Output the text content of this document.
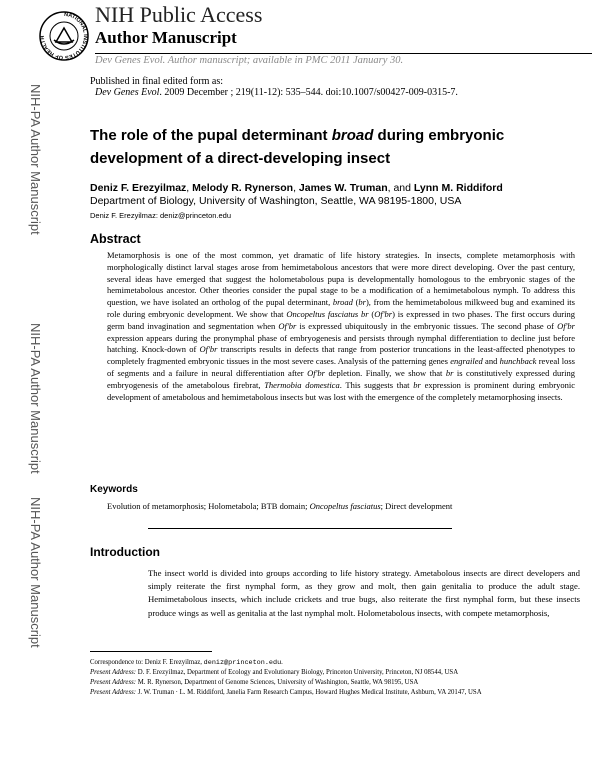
NATIONAL INSTITUTES OF HEALTH
NIH Public Access
Author Manuscript
Dev Genes Evol. Author manuscript; available in PMC 2011 January 30.
Published in final edited form as:
Dev Genes Evol. 2009 December ; 219(11-12): 535–544. doi:10.1007/s00427-009-0315-7.
NIH-PA Author Manuscript
NIH-PA Author Manuscript
NIH-PA Author Manuscript
The role of the pupal determinant broad during embryonic development of a direct-developing insect
Deniz F. Erezyilmaz, Melody R. Rynerson, James W. Truman, and Lynn M. Riddiford
Department of Biology, University of Washington, Seattle, WA 98195-1800, USA
Deniz F. Erezyilmaz: deniz@princeton.edu
Abstract

Metamorphosis is one of the most common, yet dramatic of life history strategies. In insects, complete metamorphosis with morphologically distinct larval stages arose from hemimetabolous ancestors that were more direct developing. Over the past century, several ideas have emerged that suggest the holometabolous pupa is developmentally homologous to the embryonic stages of the hemimetabolous ancestor. Other theories consider the pupal stage to be a modification of a hemimetabolous nymph. To address this question, we have isolated an ortholog of the pupal determinant, broad (br), from the hemimetabolous milkweed bug and examined its role during embryonic development. We show that Oncopeltus fasciatus br (Of'br) is expressed in two phases. The first occurs during germ band invagination and segmentation when Of'br is expressed ubiquitously in the embryonic tissues. The second phase of Of'br expression appears during the pronymphal phase of embryogenesis and persists through nymphal differentiation to decline just before hatching. Knock-down of Of'br transcripts results in defects that range from posterior truncations in the least-affected phenotypes to completely fragmented embryonic tissues in the most severe cases. Analysis of the patterning genes engrailed and hunchback reveal loss of segments and a failure in neural differentiation after Of'br depletion. Finally, we show that br is constitutively expressed during embryogenesis of the ametabolous firebrat, Thermobia domestica. This suggests that br expression is prominent during embryonic development of ametabolous and hemimetabolous insects but was lost with the emergence of the completely metamorphosing insects.

Keywords
Evolution of metamorphosis; Holometabola; BTB domain; Oncopeltus fasciatus; Direct development
Introduction

The insect world is divided into groups according to life history strategy. Ametabolous insects are direct developers and simply reiterate the first nymphal form, as they grow and molt, then gain genitalia to produce the adult stage. Hemimetabolous insects, which include crickets and true bugs, also reiterate the first nymphal form, but these insects produce wings as well as genitalia at the last nymphal molt. Holometabolous insects, with compete metamorphosis,

Correspondence to: Deniz F. Erezyilmaz, deniz@princeton.edu.

Present Address: D. F. Erezyilmaz, Department of Ecology and Evolutionary Biology, Princeton University, Princeton, NJ 08544, USA

Present Address: M. R. Rynerson, Department of Genome Sciences, University of Washington, Seattle, WA 98195, USA

Present Address: J. W. Truman · L. M. Riddiford, Janelia Farm Research Campus, Howard Hughes Medical Institute, Ashburn, VA 20147, USA
